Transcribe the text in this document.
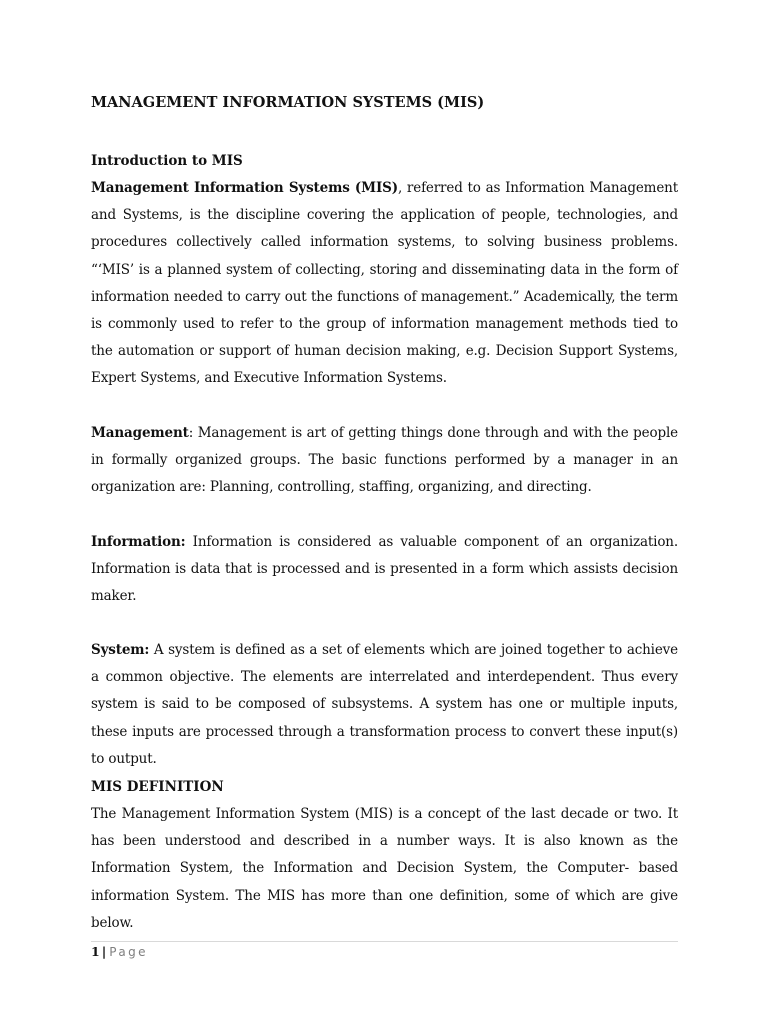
MANAGEMENT INFORMATION SYSTEMS (MIS)
Introduction to MIS

Management Information Systems (MIS), referred to as Information Management and Systems, is the discipline covering the application of people, technologies, and procedures collectively called information systems, to solving business problems. “‘MIS’ is a planned system of collecting, storing and disseminating data in the form of information needed to carry out the functions of management.” Academically, the term is commonly used to refer to the group of information management methods tied to the automation or support of human decision making, e.g. Decision Support Systems, Expert Systems, and Executive Information Systems.

Management: Management is art of getting things done through and with the people in formally organized groups. The basic functions performed by a manager in an organization are: Planning, controlling, staffing, organizing, and directing.

Information: Information is considered as valuable component of an organization. Information is data that is processed and is presented in a form which assists decision maker.

System: A system is defined as a set of elements which are joined together to achieve a common objective. The elements are interrelated and interdependent. Thus every system is said to be composed of subsystems. A system has one or multiple inputs, these inputs are processed through a transformation process to convert these input(s) to output.

MIS DEFINITION

The Management Information System (MIS) is a concept of the last decade or two. It has been understood and described in a number ways. It is also known as the Information System, the Information and Decision System, the Computer- based information System. The MIS has more than one definition, some of which are give below.

1 | Page
